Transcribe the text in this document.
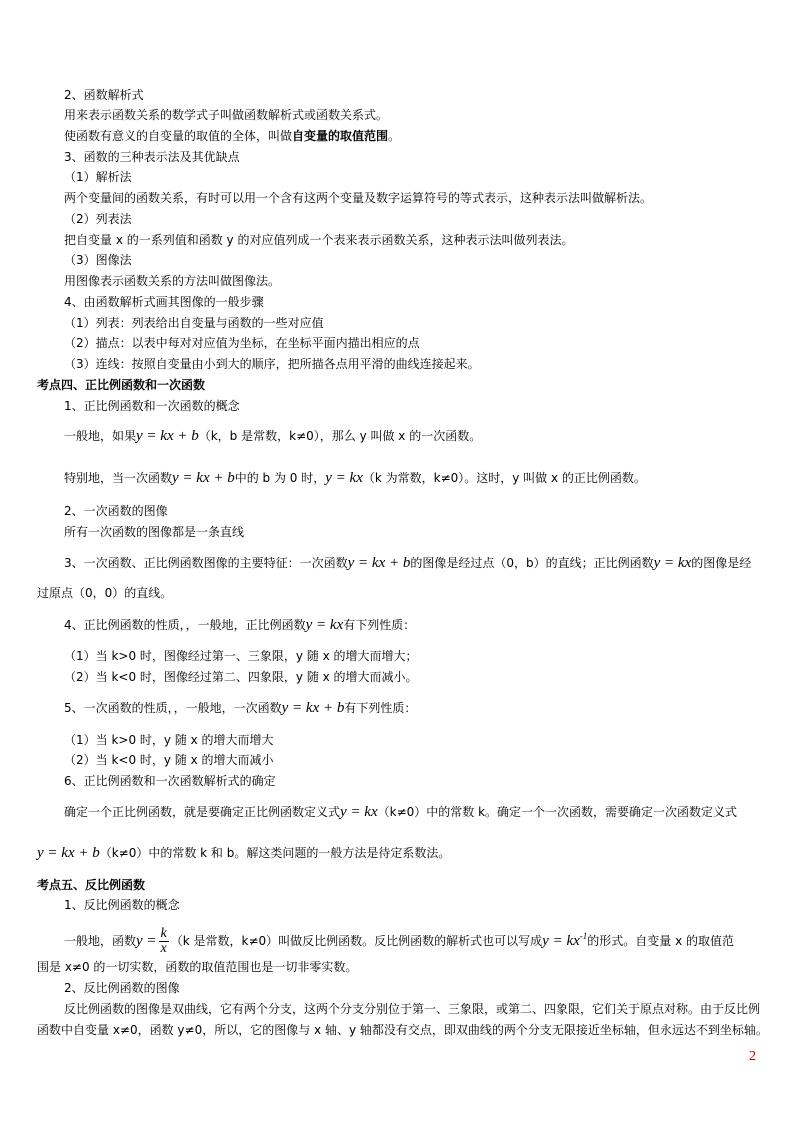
2、函数解析式
用来表示函数关系的数学式子叫做函数解析式或函数关系式。
使函数有意义的自变量的取值的全体，叫做自变量的取值范围。
3、函数的三种表示法及其优缺点
（1）解析法
两个变量间的函数关系，有时可以用一个含有这两个变量及数字运算符号的等式表示，这种表示法叫做解析法。
（2）列表法
把自变量 x 的一系列值和函数 y 的对应值列成一个表来表示函数关系，这种表示法叫做列表法。
（3）图像法
用图像表示函数关系的方法叫做图像法。
4、由函数解析式画其图像的一般步骤
（1）列表：列表给出自变量与函数的一些对应值
（2）描点：以表中每对对应值为坐标，在坐标平面内描出相应的点
（3）连线：按照自变量由小到大的顺序，把所描各点用平滑的曲线连接起来。
考点四、正比例函数和一次函数
1、正比例函数和一次函数的概念
一般地，如果y = kx + b（k，b 是常数，k≠0），那么 y 叫做 x 的一次函数。
特别地，当一次函数y = kx + b中的 b 为 0 时，y = kx（k 为常数，k≠0）。这时，y 叫做 x 的正比例函数。
2、一次函数的图像
所有一次函数的图像都是一条直线
3、一次函数、正比例函数图像的主要特征：一次函数y = kx + b的图像是经过点（0，b）的直线；正比例函数y = kx的图像是经
过原点（0，0）的直线。
4、正比例函数的性质，，一般地，正比例函数y = kx有下列性质：
（1）当 k>0 时，图像经过第一、三象限，y 随 x 的增大而增大；
（2）当 k<0 时，图像经过第二、四象限，y 随 x 的增大而减小。
5、一次函数的性质，，一般地，一次函数y = kx + b有下列性质：
（1）当 k>0 时，y 随 x 的增大而增大
（2）当 k<0 时，y 随 x 的增大而减小
6、正比例函数和一次函数解析式的确定
确定一个正比例函数，就是要确定正比例函数定义式y = kx（k≠0）中的常数 k。确定一个一次函数，需要确定一次函数定义式
y = kx + b（k≠0）中的常数 k 和 b。解这类问题的一般方法是待定系数法。
考点五、反比例函数
1、反比例函数的概念
一般地，函数$y = \frac{k}{x} (k$ 是常数，k≠0）叫做反比例函数。反比例函数的解析式也可以写成$y = kx^{-1}$的形式。自变量 x 的取值范
围是 x≠0 的一切实数，函数的取值范围也是一切非零实数。
2、反比例函数的图像
反比例函数的图像是双曲线，它有两个分支，这两个分支分别位于第一、三象限，或第二、四象限，它们关于原点对称。由于反比例
函数中自变量 x≠0，函数 y≠0，所以，它的图像与 x 轴、y 轴都没有交点，即双曲线的两个分支无限接近坐标轴，但永远达不到坐标轴。
2
